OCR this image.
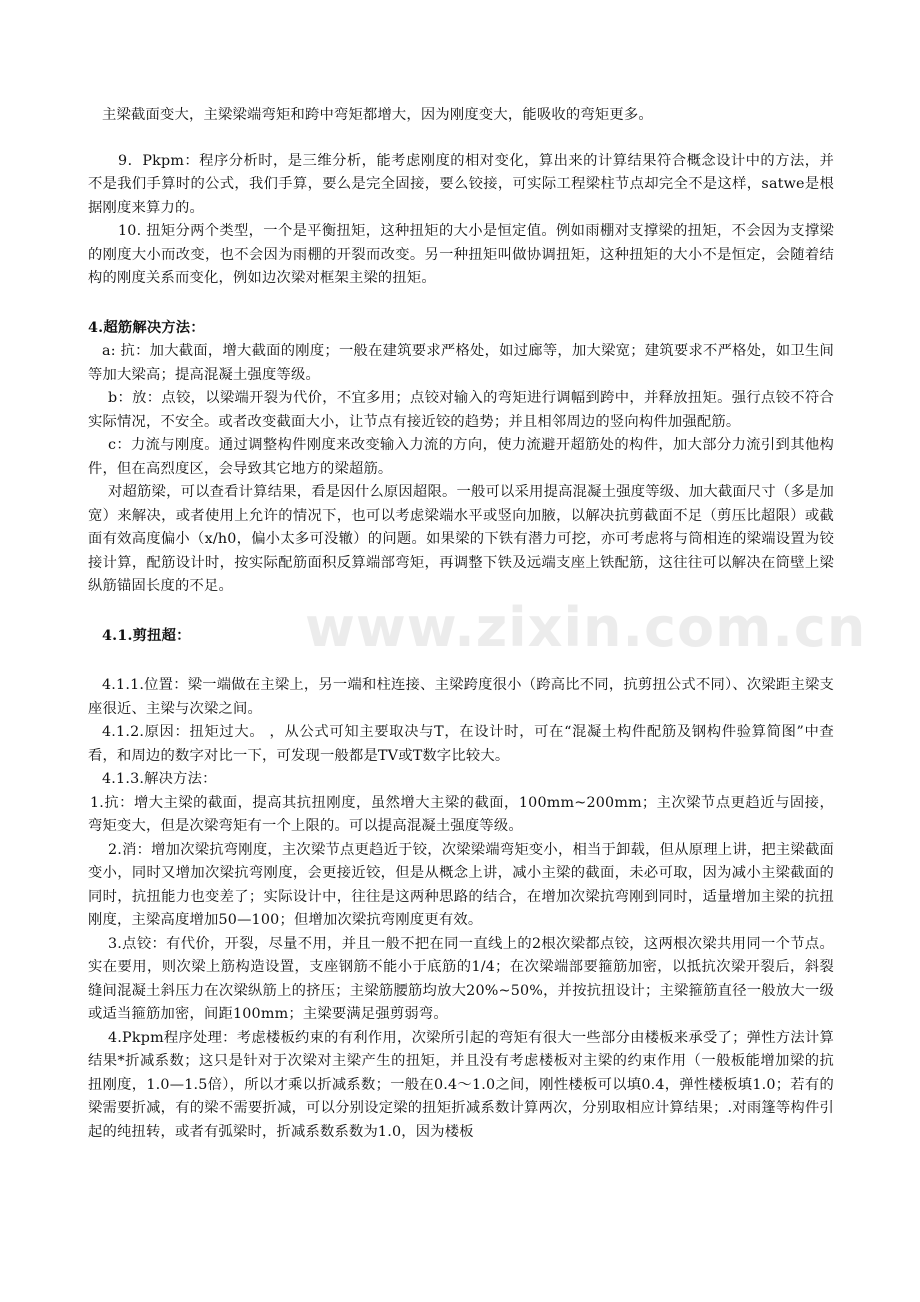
主梁截面变大，主梁梁端弯矩和跨中弯矩都增大，因为刚度变大，能吸收的弯矩更多。

9．Pkpm：程序分析时，是三维分析，能考虑刚度的相对变化，算出来的计算结果符合概念设计中的方法，并不是我们手算时的公式，我们手算，要么是完全固接，要么铰接，可实际工程梁柱节点却完全不是这样，satwe是根据刚度来算力的。

10. 扭矩分两个类型，一个是平衡扭矩，这种扭矩的大小是恒定值。例如雨棚对支撑梁的扭矩，不会因为支撑梁的刚度大小而改变，也不会因为雨棚的开裂而改变。另一种扭矩叫做协调扭矩，这种扭矩的大小不是恒定，会随着结构的刚度关系而变化，例如边次梁对框架主梁的扭矩。

4.超筋解决方法：

a: 抗：加大截面，增大截面的刚度；一般在建筑要求严格处，如过廊等，加大梁宽；建筑要求不严格处，如卫生间等加大梁高；提高混凝土强度等级。

b：放：点铰，以梁端开裂为代价，不宜多用；点铰对输入的弯矩进行调幅到跨中，并释放扭矩。强行点铰不符合实际情况，不安全。或者改变截面大小，让节点有接近铰的趋势；并且相邻周边的竖向构件加强配筋。

c：力流与刚度。通过调整构件刚度来改变输入力流的方向，使力流避开超筋处的构件，加大部分力流引到其他构件，但在高烈度区，会导致其它地方的梁超筋。

对超筋梁，可以查看计算结果，看是因什么原因超限。一般可以采用提高混凝土强度等级、加大截面尺寸（多是加宽）来解决，或者使用上允许的情况下，也可以考虑梁端水平或竖向加腋，以解决抗剪截面不足（剪压比超限）或截面有效高度偏小（x/h0，偏小太多可没辙）的问题。如果梁的下铁有潜力可挖，亦可考虑将与筒相连的梁端设置为铰接计算，配筋设计时，按实际配筋面积反算端部弯矩，再调整下铁及远端支座上铁配筋，这往往可以解决在筒壁上梁纵筋锚固长度的不足。

4.1.剪扭超：

4.1.1.位置：梁一端做在主梁上，另一端和柱连接、主梁跨度很小（跨高比不同，抗剪扭公式不同）、次梁距主梁支座很近、主梁与次梁之间。

4.1.2.原因：扭矩过大。 ，从公式可知主要取决与T，在设计时，可在“混凝土构件配筋及钢构件验算简图”中查看，和周边的数字对比一下，可发现一般都是TV或T数字比较大。

4.1.3.解决方法：

1.抗：增大主梁的截面，提高其抗扭刚度，虽然增大主梁的截面，100mm~200mm；主次梁节点更趋近与固接，弯矩变大，但是次梁弯矩有一个上限的。可以提高混凝土强度等级。

2.消：增加次梁抗弯刚度，主次梁节点更趋近于铰，次梁梁端弯矩变小，相当于卸载，但从原理上讲，把主梁截面变小，同时又增加次梁抗弯刚度，会更接近铰，但是从概念上讲，减小主梁的截面，未必可取，因为减小主梁截面的同时，抗扭能力也变差了；实际设计中，往往是这两种思路的结合，在增加次梁抗弯刚到同时，适量增加主梁的抗扭刚度，主梁高度增加50—100；但增加次梁抗弯刚度更有效。

3.点铰：有代价，开裂，尽量不用，并且一般不把在同一直线上的2根次梁都点铰，这两根次梁共用同一个节点。实在要用，则次梁上筋构造设置，支座钢筋不能小于底筋的1/4；在次梁端部要箍筋加密，以抵抗次梁开裂后，斜裂缝间混凝土斜压力在次梁纵筋上的挤压；主梁筋腰筋均放大20%~50%，并按抗扭设计；主梁箍筋直径一般放大一级或适当箍筋加密，间距100mm；主梁要满足强剪弱弯。

4.Pkpm程序处理：考虑楼板约束的有利作用，次梁所引起的弯矩有很大一些部分由楼板来承受了；弹性方法计算结果*折减系数；这只是针对于次梁对主梁产生的扭矩，并且没有考虑楼板对主梁的约束作用（一般板能增加梁的抗扭刚度，1.0—1.5倍），所以才乘以折减系数；一般在0.4～1.0之间，刚性楼板可以填0.4，弹性楼板填1.0；若有的梁需要折减，有的梁不需要折减，可以分别设定梁的扭矩折减系数计算两次，分别取相应计算结果；.对雨篷等构件引起的纯扭转，或者有弧梁时，折减系数系数为1.0，因为楼板

www.zixin.com.cn
